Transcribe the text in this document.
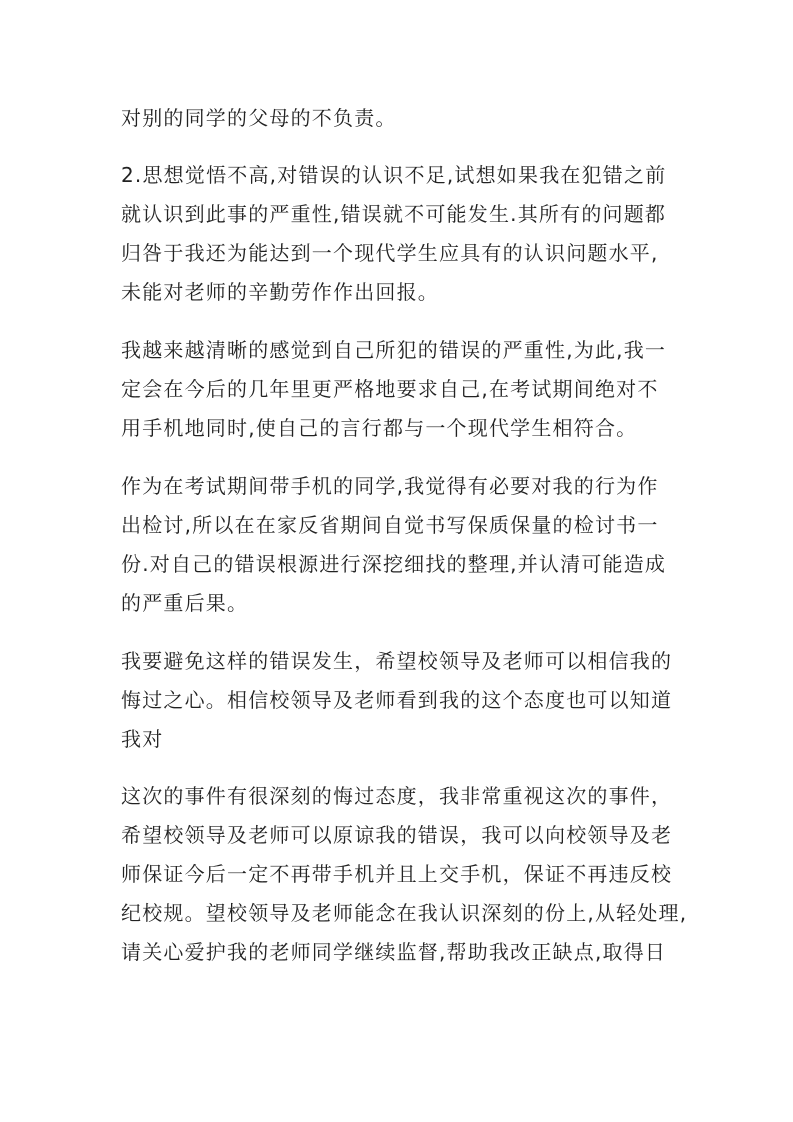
对别的同学的父母的不负责。
2.思想觉悟不高,对错误的认识不足,试想如果我在犯错之前
就认识到此事的严重性,错误就不可能发生.其所有的问题都
归咎于我还为能达到一个现代学生应具有的认识问题水平,
未能对老师的辛勤劳作作出回报。
我越来越清晰的感觉到自己所犯的错误的严重性,为此,我一
定会在今后的几年里更严格地要求自己,在考试期间绝对不
用手机地同时,使自己的言行都与一个现代学生相符合。
作为在考试期间带手机的同学,我觉得有必要对我的行为作
出检讨,所以在在家反省期间自觉书写保质保量的检讨书一
份.对自己的错误根源进行深挖细找的整理,并认清可能造成
的严重后果。
我要避免这样的错误发生，希望校领导及老师可以相信我的
悔过之心。相信校领导及老师看到我的这个态度也可以知道
我对
这次的事件有很深刻的悔过态度，我非常重视这次的事件，
希望校领导及老师可以原谅我的错误，我可以向校领导及老
师保证今后一定不再带手机并且上交手机，保证不再违反校
纪校规。望校领导及老师能念在我认识深刻的份上,从轻处理,
请关心爱护我的老师同学继续监督,帮助我改正缺点,取得日
